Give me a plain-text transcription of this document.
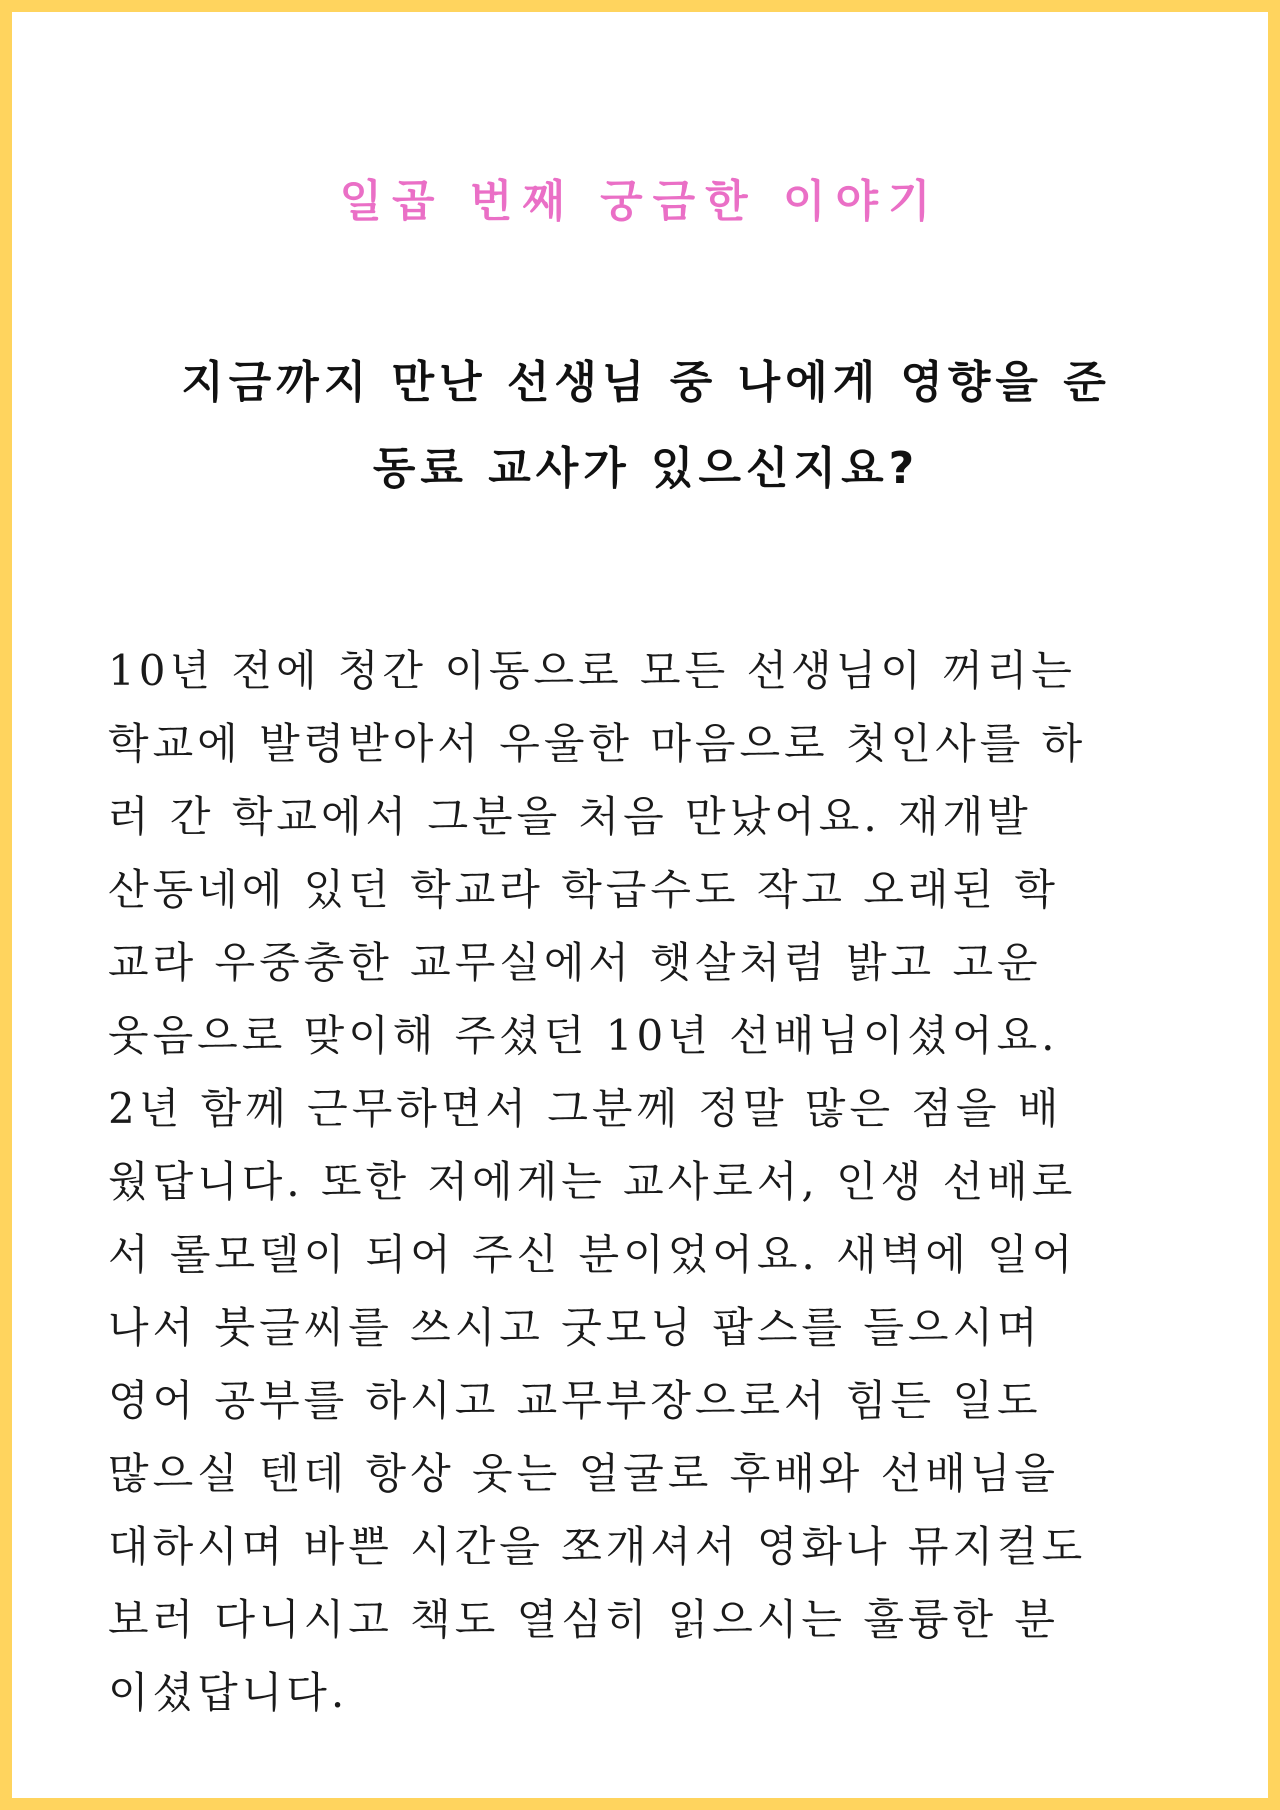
일곱 번째 궁금한 이야기
지금까지 만난 선생님 중 나에게 영향을 준
동료 교사가 있으신지요?
10년 전에 청간 이동으로 모든 선생님이 꺼리는
학교에 발령받아서 우울한 마음으로 첫인사를 하
러 간 학교에서 그분을 처음 만났어요. 재개발
산동네에 있던 학교라 학급수도 작고 오래된 학
교라 우중충한 교무실에서 햇살처럼 밝고 고운
웃음으로 맞이해 주셨던 10년 선배님이셨어요.
2년 함께 근무하면서 그분께 정말 많은 점을 배
웠답니다. 또한 저에게는 교사로서, 인생 선배로
서 롤모델이 되어 주신 분이었어요. 새벽에 일어
나서 붓글씨를 쓰시고 굿모닝 팝스를 들으시며
영어 공부를 하시고 교무부장으로서 힘든 일도
많으실 텐데 항상 웃는 얼굴로 후배와 선배님을
대하시며 바쁜 시간을 쪼개셔서 영화나 뮤지컬도
보러 다니시고 책도 열심히 읽으시는 훌륭한 분
이셨답니다.
